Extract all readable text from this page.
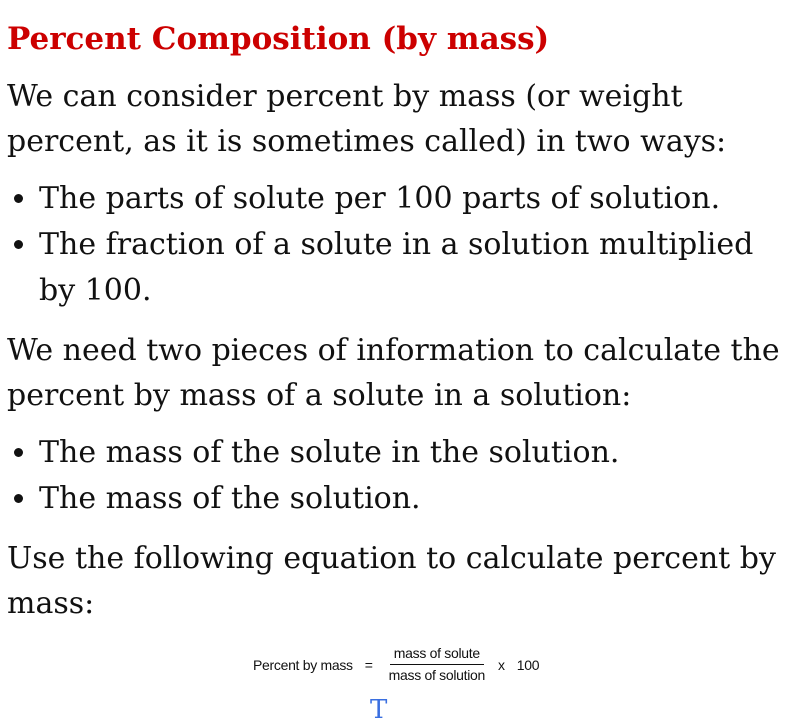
Percent Composition (by mass)

We can consider percent by mass (or weight percent, as it is sometimes called) in two ways:

• The parts of solute per 100 parts of solution.
• The fraction of a solute in a solution multiplied by 100.

We need two pieces of information to calculate the percent by mass of a solute in a solution:

• The mass of the solute in the solution.
• The mass of the solution.

Use the following equation to calculate percent by mass:

Percent by mass = $\frac{\text{mass of solute}}{\text{mass of solution}}$ x 100
T
